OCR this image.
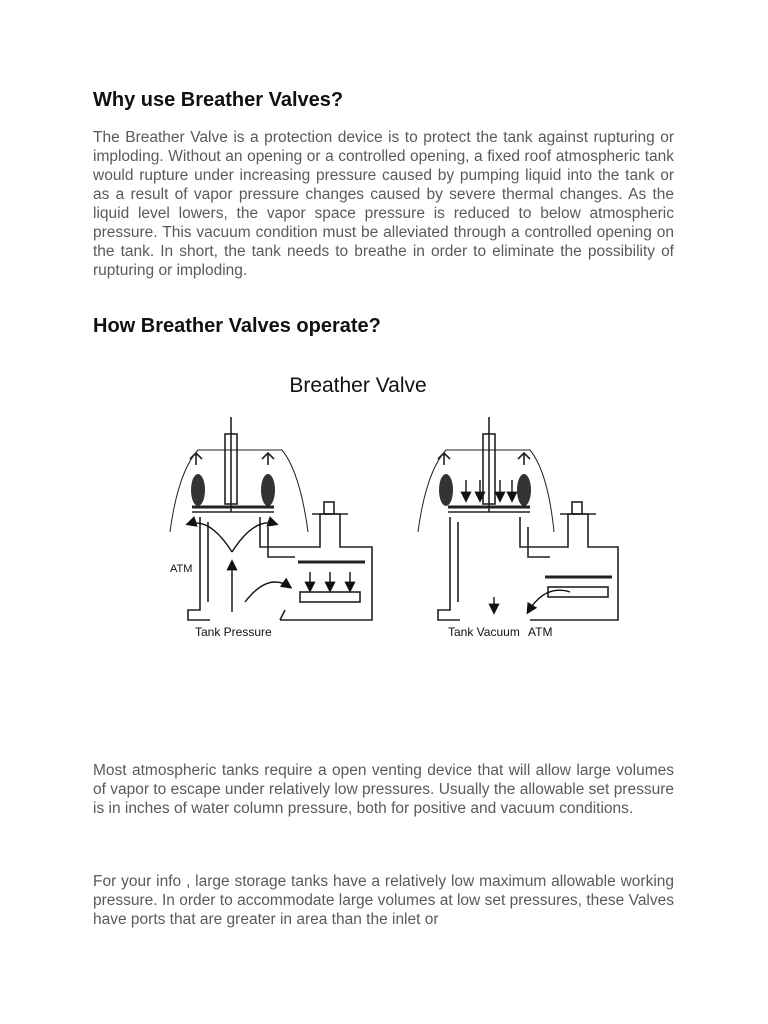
Why use Breather Valves?

The Breather Valve is a protection device is to protect the tank against rupturing or imploding. Without an opening or a controlled opening, a fixed roof atmospheric tank would rupture under increasing pressure caused by pumping liquid into the tank or as a result of vapor pressure changes caused by severe thermal changes. As the liquid level lowers, the vapor space pressure is reduced to below atmospheric pressure. This vacuum condition must be alleviated through a controlled opening on the tank. In short, the tank needs to breathe in order to eliminate the possibility of rupturing or imploding.

How Breather Valves operate?
Breather Valve
ATM
Tank Pressure	Tank Vacuum ATM

Most atmospheric tanks require a open venting device that will allow large volumes of vapor to escape under relatively low pressures. Usually the allowable set pressure is in inches of water column pressure, both for positive and vacuum conditions.

For your info , large storage tanks have a relatively low maximum allowable working pressure. In order to accommodate large volumes at low set pressures, these Valves have ports that are greater in area than the inlet or
